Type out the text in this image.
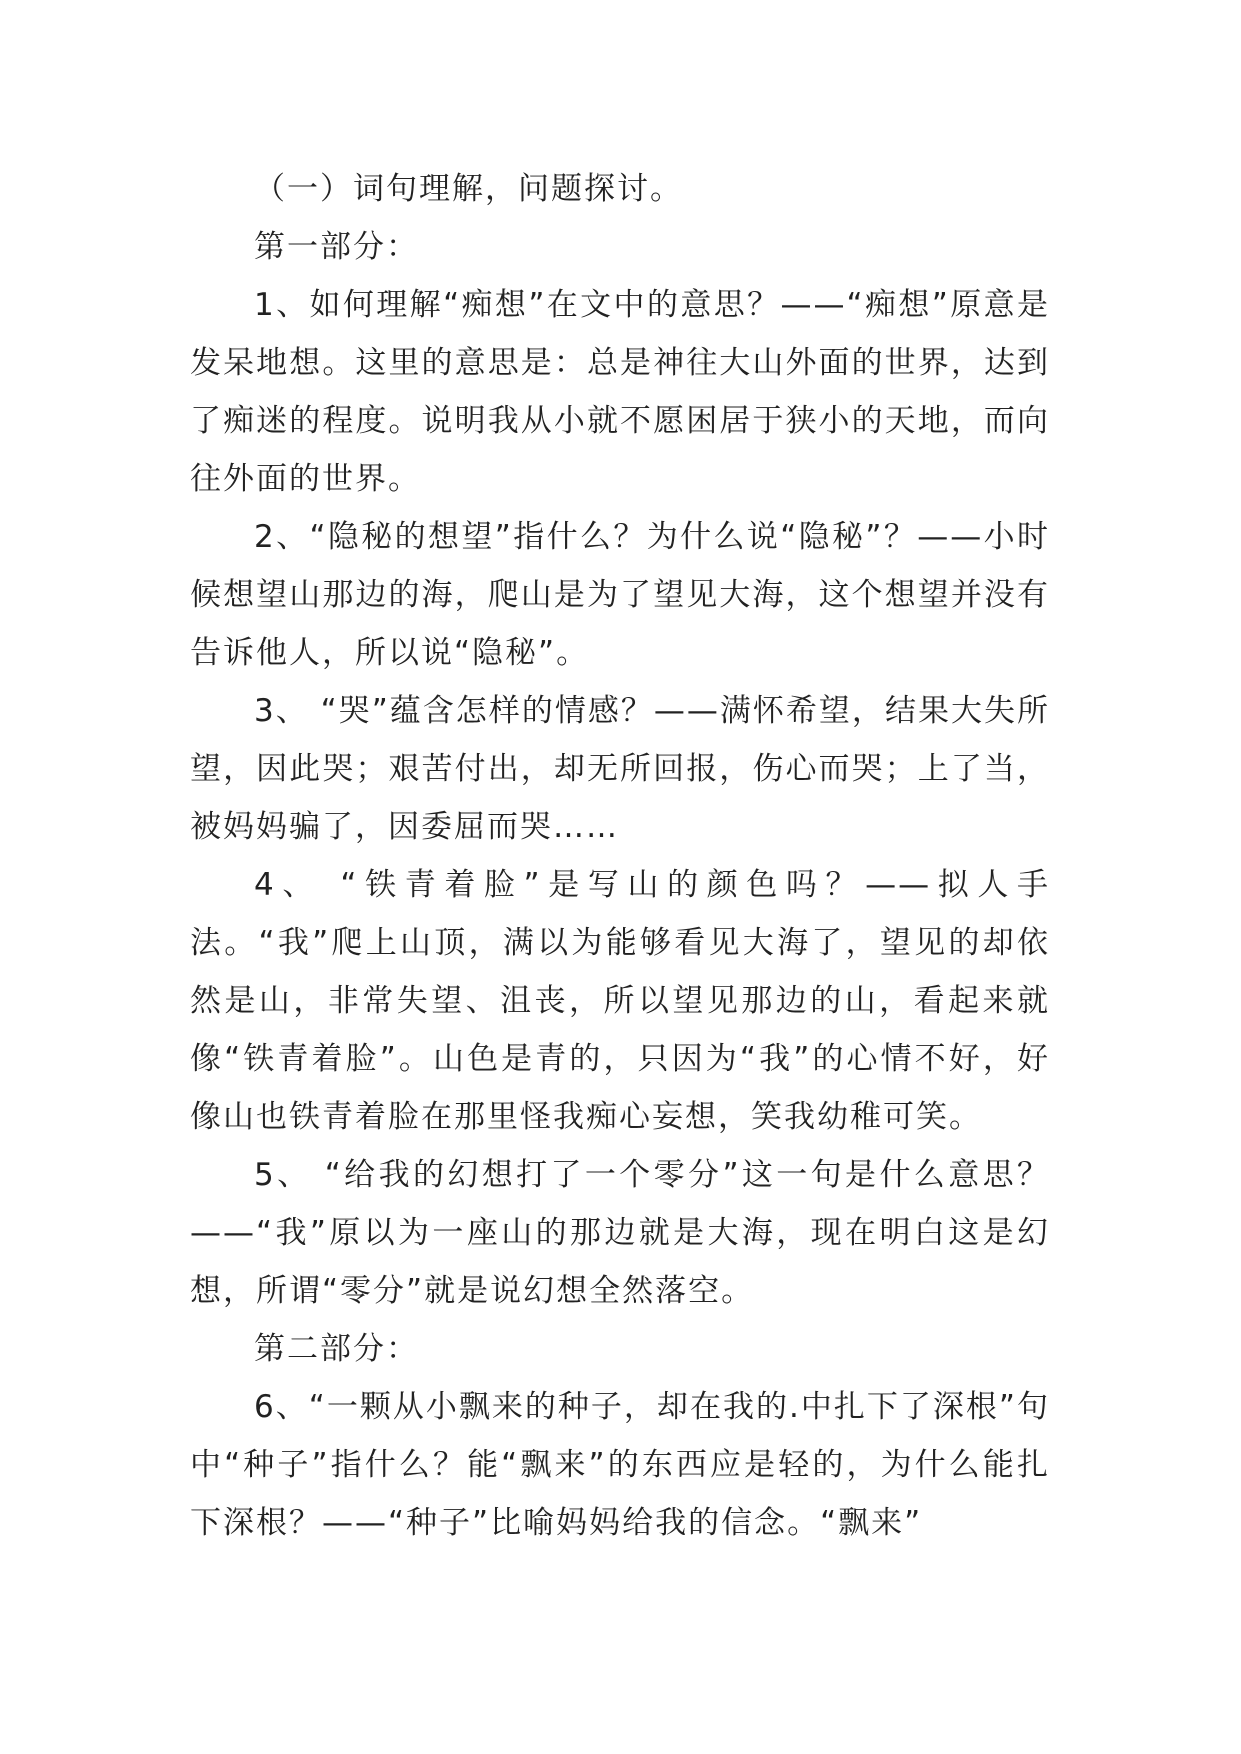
（一）词句理解，问题探讨。

第一部分：

1、如何理解“痴想”在文中的意思？——“痴想”原意是发呆地想。这里的意思是：总是神往大山外面的世界，达到了痴迷的程度。说明我从小就不愿困居于狭小的天地，而向往外面的世界。

2、“隐秘的想望”指什么？为什么说“隐秘”？——小时候想望山那边的海，爬山是为了望见大海，这个想望并没有告诉他人，所以说“隐秘”。

3、 “哭”蕴含怎样的情感？——满怀希望，结果大失所望，因此哭；艰苦付出，却无所回报，伤心而哭；上了当，被妈妈骗了，因委屈而哭……

4、 “铁青着脸”是写山的颜色吗？——拟人手法。“我”爬上山顶，满以为能够看见大海了，望见的却依然是山，非常失望、沮丧，所以望见那边的山，看起来就像“铁青着脸”。山色是青的，只因为“我”的心情不好，好像山也铁青着脸在那里怪我痴心妄想，笑我幼稚可笑。

5、 “给我的幻想打了一个零分”这一句是什么意思？——“我”原以为一座山的那边就是大海，现在明白这是幻想，所谓“零分”就是说幻想全然落空。

第二部分：

6、“一颗从小飘来的种子，却在我的.中扎下了深根”句中“种子”指什么？能“飘来”的东西应是轻的，为什么能扎下深根？——“种子”比喻妈妈给我的信念。“飘来”
